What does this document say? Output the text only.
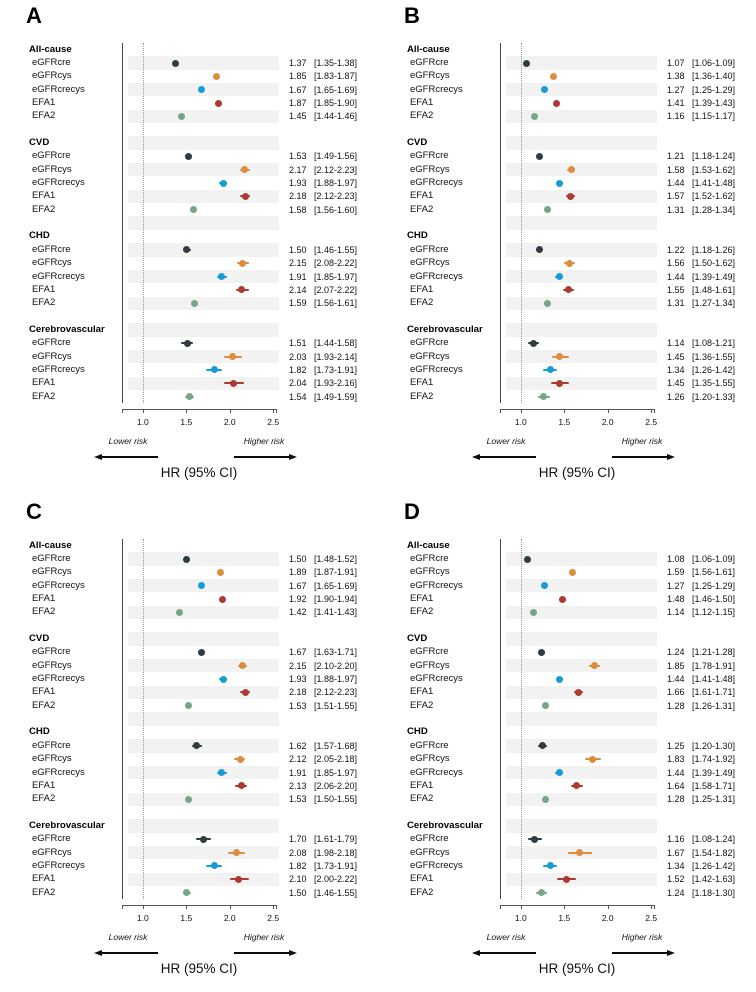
A
All-cause
eGFRcre	1.37 [1.35-1.38]
eGFRcys	1.85 [1.83-1.87]
eGFRcrecys	1.67 [1.65-1.69]
EFA1	1.87 [1.85-1.90]
EFA2	1.45 [1.44-1.46]
CVD
eGFRcre	1.53 [1.49-1.56]
eGFRcys	2.17 [2.12-2.23]
eGFRcrecys	1.93 [1.88-1.97]
EFA1	2.18 [2.12-2.23]
EFA2	1.58 [1.56-1.60]
CHD
eGFRcre	1.50 [1.46-1.55]
eGFRcys	2.15 [2.08-2.22]
eGFRcrecys	1.91 [1.85-1.97]
EFA1	2.14 [2.07-2.22]
EFA2	1.59 [1.56-1.61]
Cerebrovascular
eGFRcre	1.51 [1.44-1.58]
eGFRcys	2.03 [1.93-2.14]
eGFRcrecys	1.82 [1.73-1.91]
EFA1	2.04 [1.93-2.16]
EFA2	1.54 [1.49-1.59]
1.0	1.5	2.0	2.5
Lower risk	Higher risk
HR (95% CI)
B
All-cause
eGFRcre	1.07 [1.06-1.09]
eGFRcys	1.38 [1.36-1.40]
eGFRcrecys	1.27 [1.25-1.29]
EFA1	1.41 [1.39-1.43]
EFA2	1.16 [1.15-1.17]
CVD
eGFRcre	1.21 [1.18-1.24]
eGFRcys	1.58 [1.53-1.62]
eGFRcrecys	1.44 [1.41-1.48]
EFA1	1.57 [1.52-1.62]
EFA2	1.31 [1.28-1.34]
CHD
eGFRcre	1.22 [1.18-1.26]
eGFRcys	1.56 [1.50-1.62]
eGFRcrecys	1.44 [1.39-1.49]
EFA1	1.55 [1.48-1.61]
EFA2	1.31 [1.27-1.34]
Cerebrovascular
eGFRcre	1.14 [1.08-1.21]
eGFRcys	1.45 [1.36-1.55]
eGFRcrecys	1.34 [1.26-1.42]
EFA1	1.45 [1.35-1.55]
EFA2	1.26 [1.20-1.33]
1.0	1.5	2.0	2.5
Lower risk	Higher risk
HR (95% CI)
C
All-cause
eGFRcre	1.50 [1.48-1.52]
eGFRcys	1.89 [1.87-1.91]
eGFRcrecys	1.67 [1.65-1.69]
EFA1	1.92 [1.90-1.94]
EFA2	1.42 [1.41-1.43]
CVD
eGFRcre	1.67 [1.63-1.71]
eGFRcys	2.15 [2.10-2.20]
eGFRcrecys	1.93 [1.88-1.97]
EFA1	2.18 [2.12-2.23]
EFA2	1.53 [1.51-1.55]
CHD
eGFRcre	1.62 [1.57-1.68]
eGFRcys	2.12 [2.05-2.18]
eGFRcrecys	1.91 [1.85-1.97]
EFA1	2.13 [2.06-2.20]
EFA2	1.53 [1.50-1.55]
Cerebrovascular
eGFRcre	1.70 [1.61-1.79]
eGFRcys	2.08 [1.98-2.18]
eGFRcrecys	1.82 [1.73-1.91]
EFA1	2.10 [2.00-2.22]
EFA2	1.50 [1.46-1.55]
1.0	1.5	2.0	2.5
Lower risk	Higher risk
HR (95% CI)
D
All-cause
eGFRcre	1.08 [1.06-1.09]
eGFRcys	1.59 [1.56-1.61]
eGFRcrecys	1.27 [1.25-1.29]
EFA1	1.48 [1.46-1.50]
EFA2	1.14 [1.12-1.15]
CVD
eGFRcre	1.24 [1.21-1.28]
eGFRcys	1.85 [1.78-1.91]
eGFRcrecys	1.44 [1.41-1.48]
EFA1	1.66 [1.61-1.71]
EFA2	1.28 [1.26-1.31]
CHD
eGFRcre	1.25 [1.20-1.30]
eGFRcys	1.83 [1.74-1.92]
eGFRcrecys	1.44 [1.39-1.49]
EFA1	1.64 [1.58-1.71]
EFA2	1.28 [1.25-1.31]
Cerebrovascular
eGFRcre	1.16 [1.08-1.24]
eGFRcys	1.67 [1.54-1.82]
eGFRcrecys	1.34 [1.26-1.42]
EFA1	1.52 [1.42-1.63]
EFA2	1.24 [1.18-1.30]
1.0	1.5	2.0	2.5
Lower risk	Higher risk
HR (95% CI)
